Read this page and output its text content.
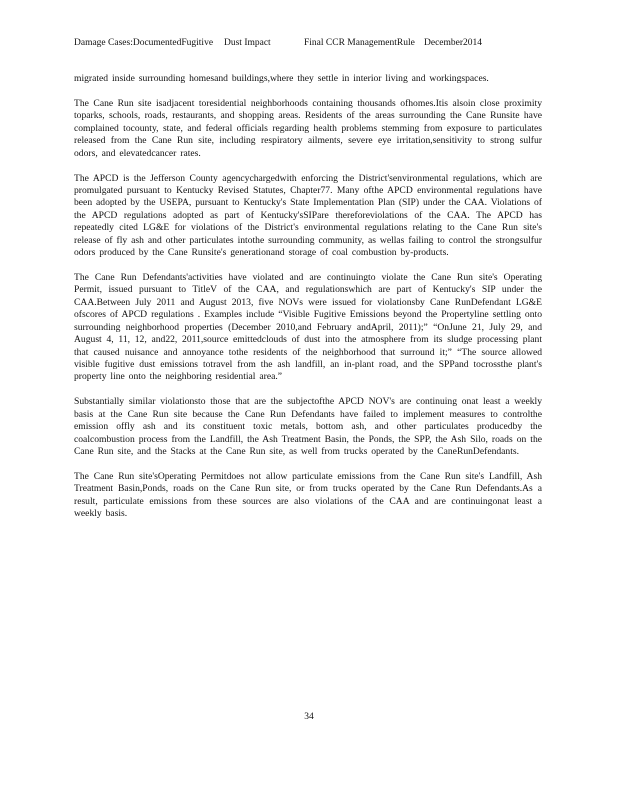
Damage Cases:DocumentedFugitive	Dust Impact	Final CCR ManagementRule December2014

migrated inside surrounding homesand buildings,where they settle in interior living and workingspaces.

The Cane Run site isadjacent toresidential neighborhoods containing thousands ofhomes.Itis alsoin close proximity toparks, schools, roads, restaurants, and shopping areas. Residents of the areas surrounding the Cane Runsite have complained tocounty, state, and federal officials regarding health problems stemming from exposure to particulates released from the Cane Run site, including respiratory ailments, severe eye irritation,sensitivity to strong sulfur odors, and elevatedcancer rates.

The APCD is the Jefferson County agencychargedwith enforcing the District'senvironmental regulations, which are promulgated pursuant to Kentucky Revised Statutes, Chapter77. Many ofthe APCD environmental regulations have been adopted by the USEPA, pursuant to Kentucky's State Implementation Plan (SIP) under the CAA. Violations of the APCD regulations adopted as part of Kentucky'sSIPare thereforeviolations of the CAA. The APCD has repeatedly cited LG&E for violations of the District's environmental regulations relating to the Cane Run site's release of fly ash and other particulates intothe surrounding community, as wellas failing to control the strongsulfur odors produced by the Cane Runsite's generationand storage of coal combustion by-products.

The Cane Run Defendants'activities have violated and are continuingto violate the Cane Run site's Operating Permit, issued pursuant to TitleV of the CAA, and regulationswhich are part of Kentucky's SIP under the CAA.Between July 2011 and August 2013, five NOVs were issued for violationsby Cane RunDefendant LG&E ofscores of APCD regulations . Examples include “Visible Fugitive Emissions beyond the Propertyline settling onto surrounding neighborhood properties (December 2010,and February andApril, 2011);” “OnJune 21, July 29, and August 4, 11, 12, and22, 2011,source emittedclouds of dust into the atmosphere from its sludge processing plant that caused nuisance and annoyance tothe residents of the neighborhood that surround it;” “The source allowed visible fugitive dust emissions totravel from the ash landfill, an in-plant road, and the SPPand tocrossthe plant's property line onto the neighboring residential area.”

Substantially similar violationsto those that are the subjectofthe APCD NOV's are continuing onat least a weekly basis at the Cane Run site because the Cane Run Defendants have failed to implement measures to controlthe emission offly ash and its constituent toxic metals, bottom ash, and other particulates producedby the coalcombustion process from the Landfill, the Ash Treatment Basin, the Ponds, the SPP, the Ash Silo, roads on the Cane Run site, and the Stacks at the Cane Run site, as well from trucks operated by the CaneRunDefendants.

The Cane Run site'sOperating Permitdoes not allow particulate emissions from the Cane Run site's Landfill, Ash Treatment Basin,Ponds, roads on the Cane Run site, or from trucks operated by the Cane Run Defendants.As a result, particulate emissions from these sources are also violations of the CAA and are continuingonat least a weekly basis.

34
